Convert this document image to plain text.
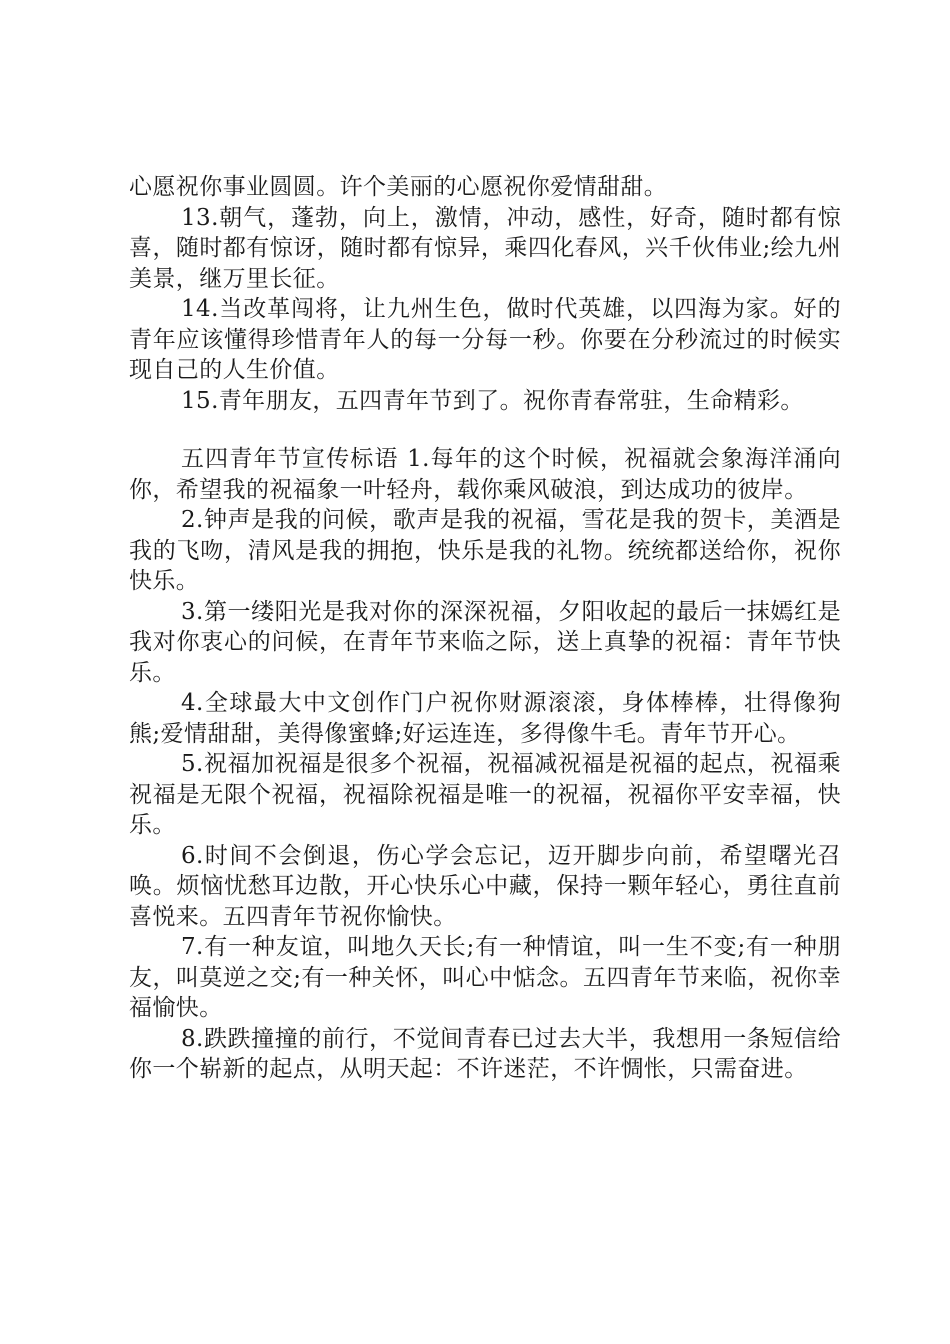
心愿祝你事业圆圆。许个美丽的心愿祝你爱情甜甜。

13.朝气，蓬勃，向上，激情，冲动，感性，好奇，随时都有惊喜，随时都有惊讶，随时都有惊异，乘四化春风，兴千伙伟业;绘九州美景，继万里长征。

14.当改革闯将，让九州生色，做时代英雄，以四海为家。好的青年应该懂得珍惜青年人的每一分每一秒。你要在分秒流过的时候实现自己的人生价值。

15.青年朋友，五四青年节到了。祝你青春常驻，生命精彩。

五四青年节宣传标语 1.每年的这个时候，祝福就会象海洋涌向你，希望我的祝福象一叶轻舟，载你乘风破浪，到达成功的彼岸。

2.钟声是我的问候，歌声是我的祝福，雪花是我的贺卡，美酒是我的飞吻，清风是我的拥抱，快乐是我的礼物。统统都送给你，祝你快乐。

3.第一缕阳光是我对你的深深祝福，夕阳收起的最后一抹嫣红是我对你衷心的问候，在青年节来临之际，送上真挚的祝福：青年节快乐。

4.全球最大中文创作门户祝你财源滚滚，身体棒棒，壮得像狗熊;爱情甜甜，美得像蜜蜂;好运连连，多得像牛毛。青年节开心。

5.祝福加祝福是很多个祝福，祝福减祝福是祝福的起点，祝福乘祝福是无限个祝福，祝福除祝福是唯一的祝福，祝福你平安幸福，快乐。

6.时间不会倒退，伤心学会忘记，迈开脚步向前，希望曙光召唤。烦恼忧愁耳边散，开心快乐心中藏，保持一颗年轻心，勇往直前喜悦来。五四青年节祝你愉快。

7.有一种友谊，叫地久天长;有一种情谊，叫一生不变;有一种朋友，叫莫逆之交;有一种关怀，叫心中惦念。五四青年节来临，祝你幸福愉快。

8.跌跌撞撞的前行，不觉间青春已过去大半，我想用一条短信给你一个崭新的起点，从明天起：不许迷茫，不许惆怅，只需奋进。
